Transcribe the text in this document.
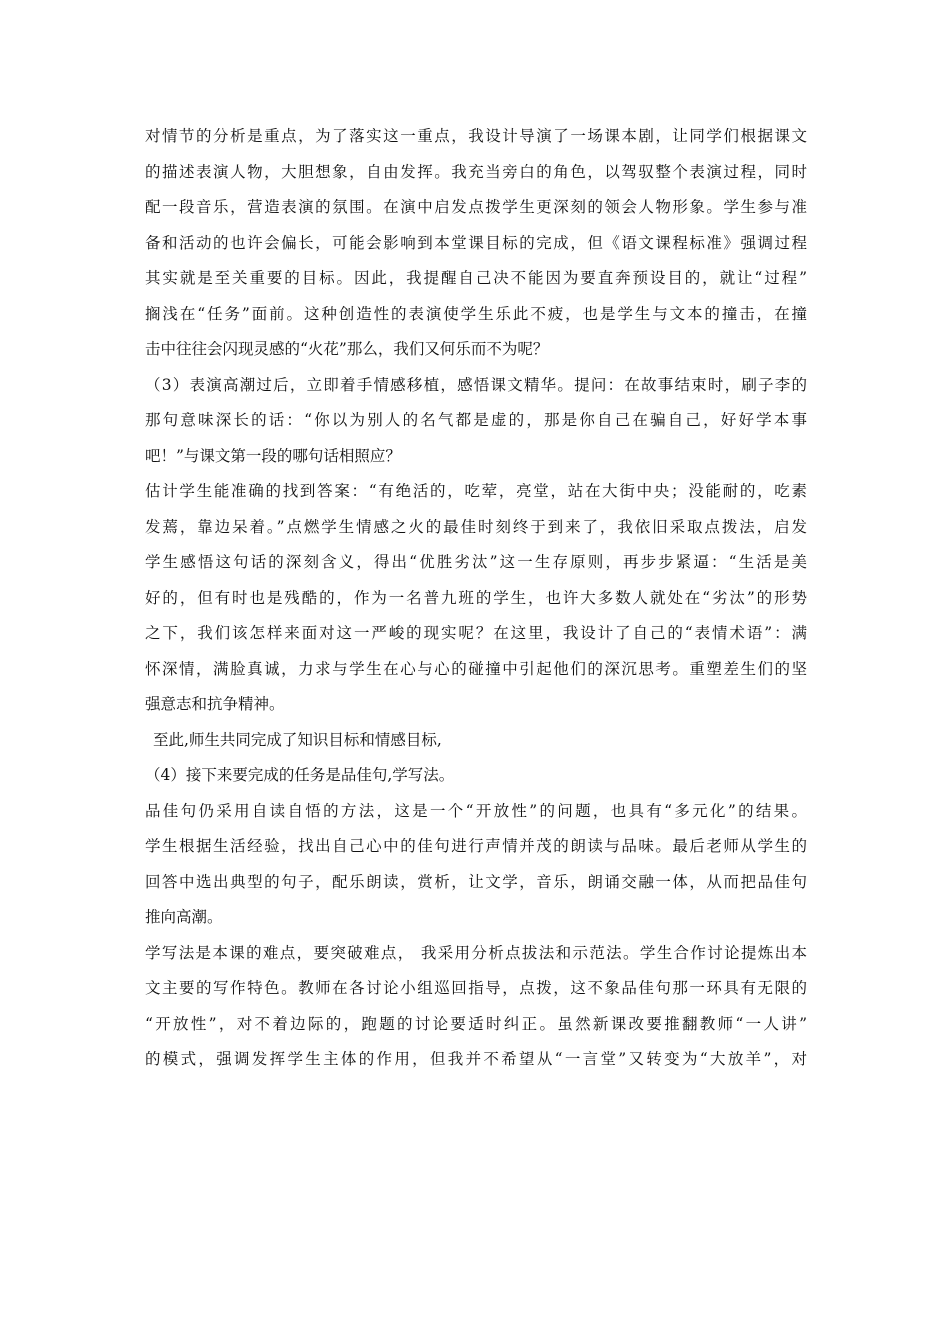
对情节的分析是重点，为了落实这一重点，我设计导演了一场课本剧，让同学们根据课文
的描述表演人物，大胆想象，自由发挥。我充当旁白的角色，以驾驭整个表演过程，同时
配一段音乐，营造表演的氛围。在演中启发点拨学生更深刻的领会人物形象。学生参与准
备和活动的也许会偏长，可能会影响到本堂课目标的完成，但《语文课程标准》强调过程
其实就是至关重要的目标。因此，我提醒自己决不能因为要直奔预设目的，就让“过程”
搁浅在“任务”面前。这种创造性的表演使学生乐此不疲，也是学生与文本的撞击，在撞
击中往往会闪现灵感的“火花”那么，我们又何乐而不为呢？
（3）表演高潮过后，立即着手情感移植，感悟课文精华。提问：在故事结束时，刷子李的
那句意味深长的话：“你以为别人的名气都是虚的，那是你自己在骗自己，好好学本事
吧！”与课文第一段的哪句话相照应？
估计学生能准确的找到答案：“有绝活的，吃荤，亮堂，站在大街中央；没能耐的，吃素
发蔫，靠边呆着。”点燃学生情感之火的最佳时刻终于到来了，我依旧采取点拨法，启发
学生感悟这句话的深刻含义，得出“优胜劣汰”这一生存原则，再步步紧逼：“生活是美
好的，但有时也是残酷的，作为一名普九班的学生，也许大多数人就处在“劣汰”的形势
之下，我们该怎样来面对这一严峻的现实呢？在这里，我设计了自己的“表情术语”：满
怀深情，满脸真诚，力求与学生在心与心的碰撞中引起他们的深沉思考。重塑差生们的坚
强意志和抗争精神。
至此,师生共同完成了知识目标和情感目标,
（4）接下来要完成的任务是品佳句,学写法。
品佳句仍采用自读自悟的方法，这是一个“开放性”的问题，也具有“多元化”的结果。
学生根据生活经验，找出自己心中的佳句进行声情并茂的朗读与品味。最后老师从学生的
回答中选出典型的句子，配乐朗读，赏析，让文学，音乐，朗诵交融一体，从而把品佳句
推向高潮。
学写法是本课的难点，要突破难点， 我采用分析点拔法和示范法。学生合作讨论提炼出本
文主要的写作特色。教师在各讨论小组巡回指导，点拨，这不象品佳句那一环具有无限的
“开放性”，对不着边际的，跑题的讨论要适时纠正。虽然新课改要推翻教师“一人讲”
的模式，强调发挥学生主体的作用，但我并不希望从“一言堂”又转变为“大放羊”，对
